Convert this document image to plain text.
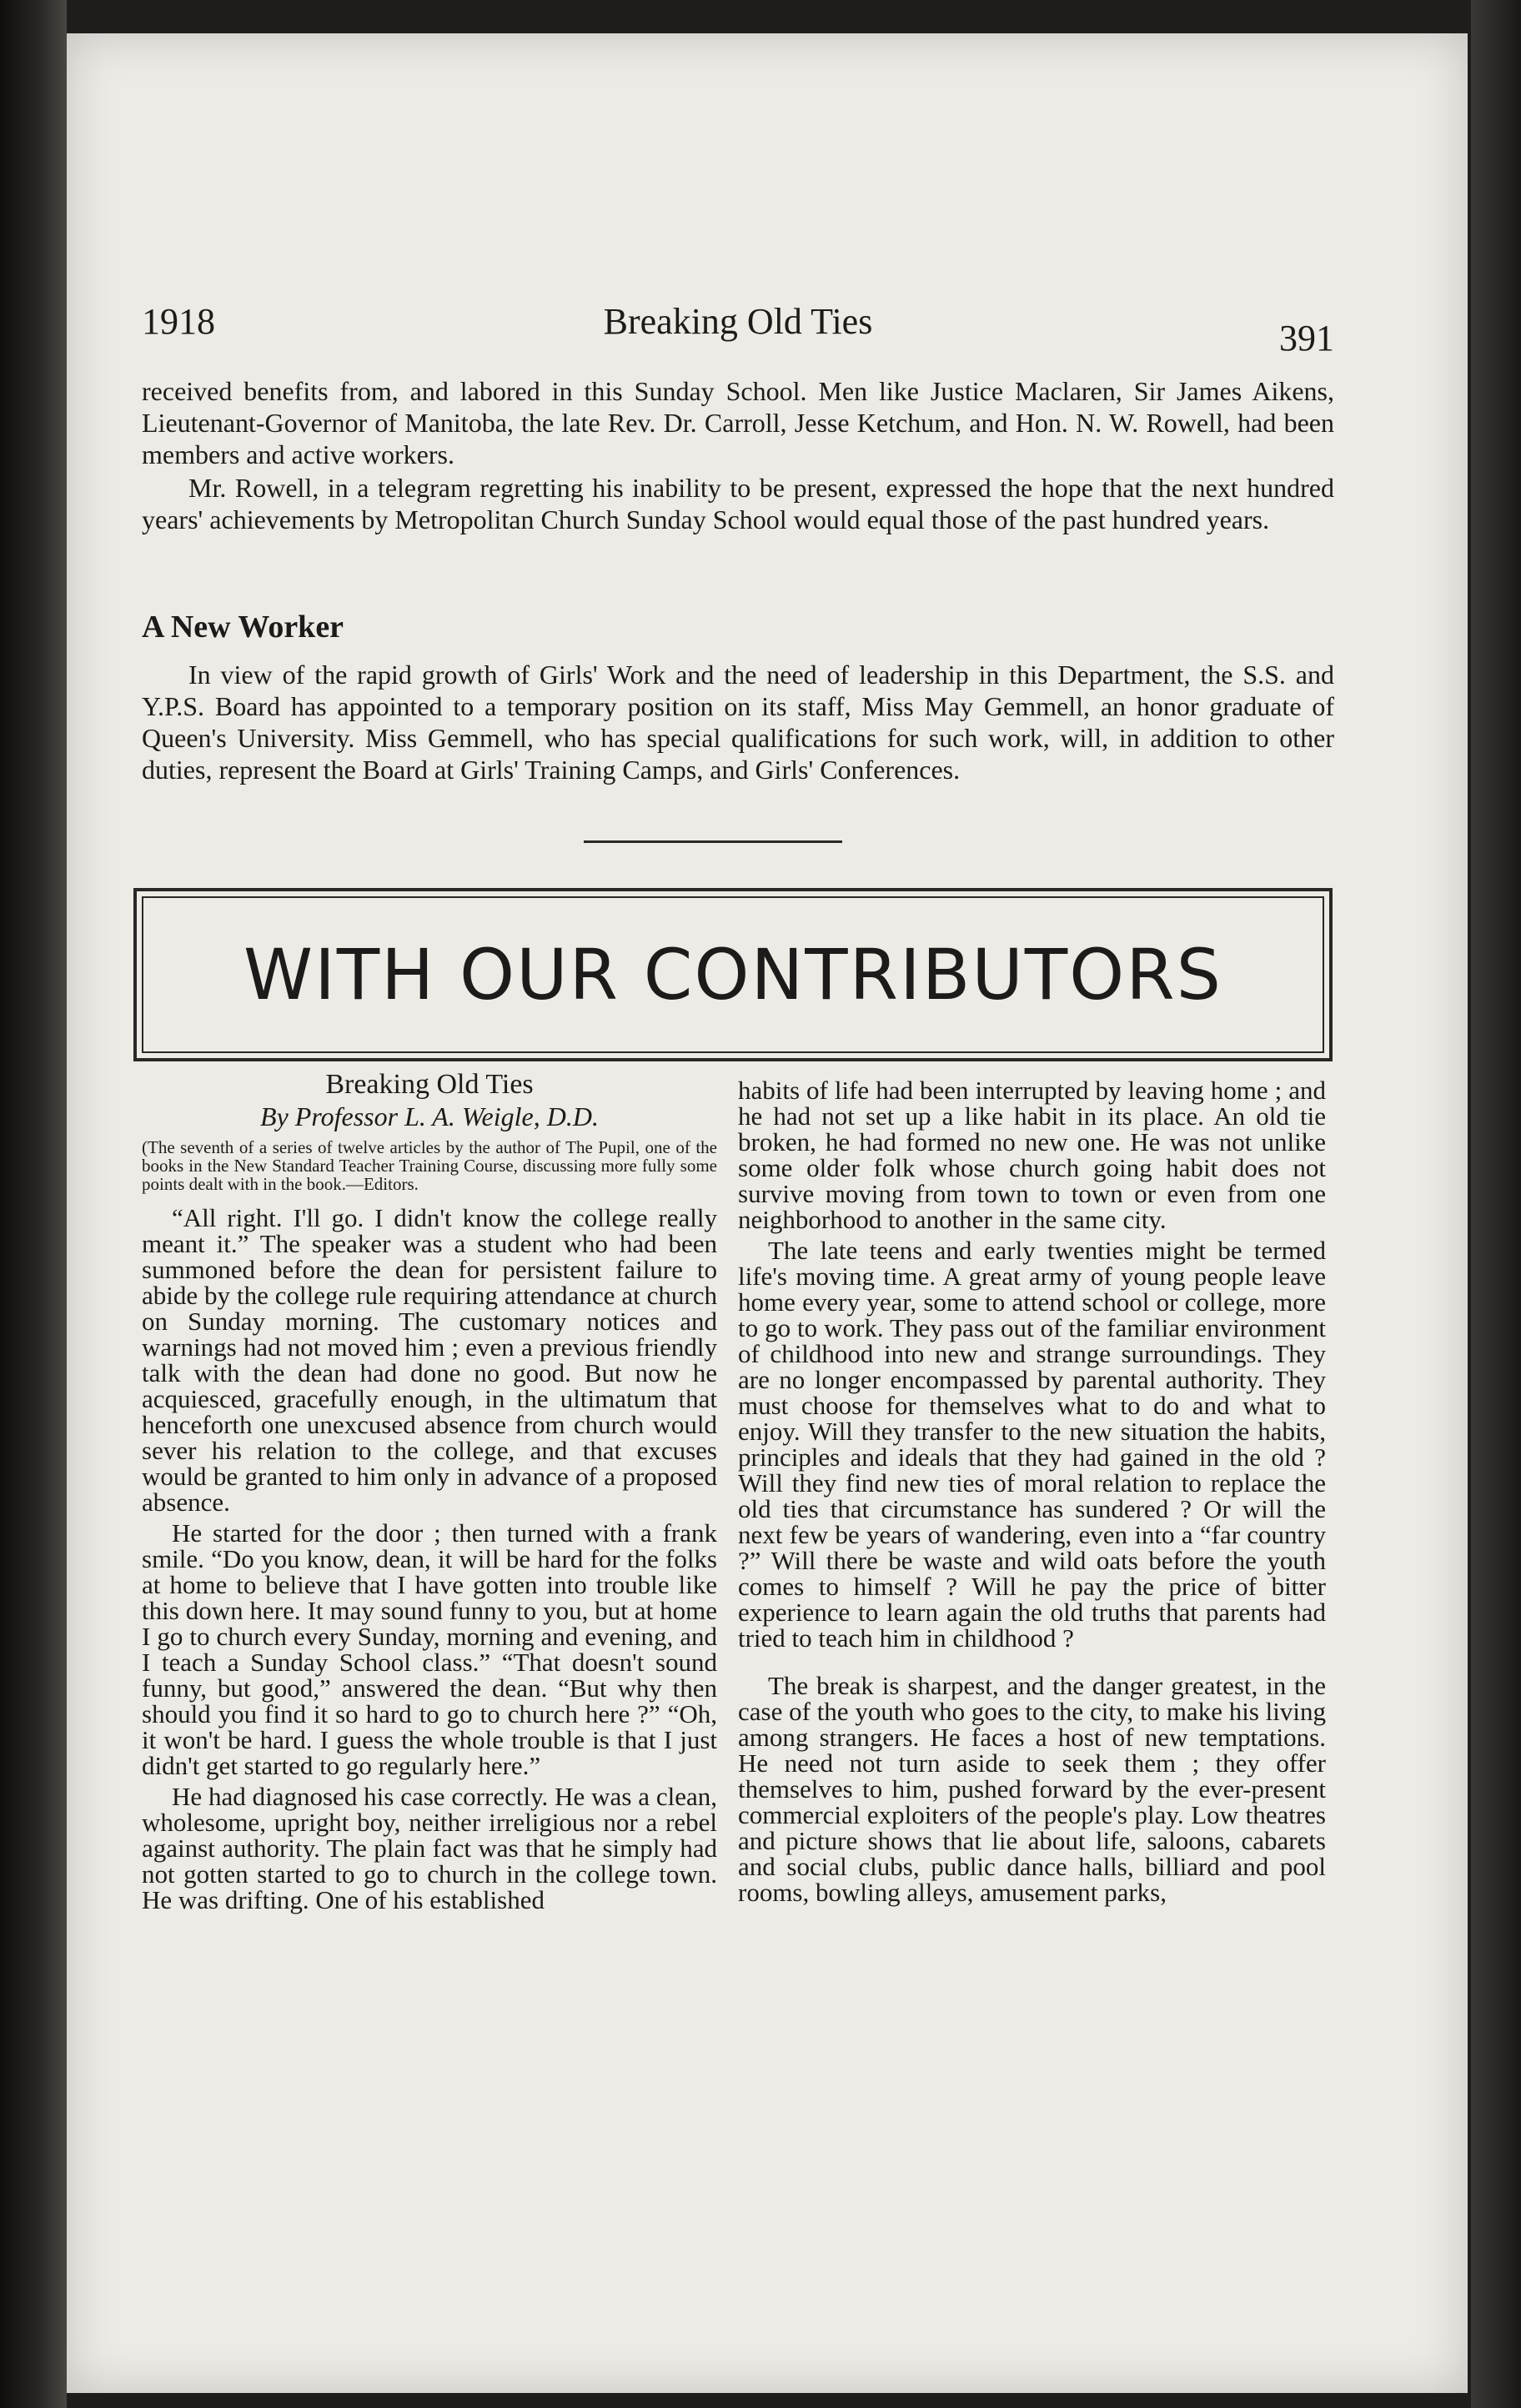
1918	Breaking Old Ties	391

received benefits from, and labored in this Sunday School. Men like Justice Maclaren, Sir James Aikens, Lieutenant-Governor of Manitoba, the late Rev. Dr. Carroll, Jesse Ketchum, and Hon. N. W. Rowell, had been members and active workers.

Mr. Rowell, in a telegram regretting his inability to be present, expressed the hope that the next hundred years' achievements by Metropolitan Church Sunday School would equal those of the past hundred years.

A New Worker

In view of the rapid growth of Girls' Work and the need of leadership in this Department, the S.S. and Y.P.S. Board has appointed to a temporary position on its staff, Miss May Gemmell, an honor graduate of Queen's University. Miss Gemmell, who has special qualifications for such work, will, in addition to other duties, represent the Board at Girls' Training Camps, and Girls' Conferences.

WITH OUR CONTRIBUTORS
Breaking Old Ties
By Professor L. A. Weigle, D.D.
(The seventh of a series of twelve articles by the author of The Pupil, one of the books in the New Standard Teacher Training Course, discussing more fully some points dealt with in the book.—Editors.

“All right. I'll go. I didn't know the college really meant it.” The speaker was a student who had been summoned before the dean for persistent failure to abide by the college rule requiring attendance at church on Sunday morning. The customary notices and warnings had not moved him ; even a previous friendly talk with the dean had done no good. But now he acquiesced, gracefully enough, in the ultimatum that henceforth one unexcused absence from church would sever his relation to the college, and that excuses would be granted to him only in advance of a proposed absence.

He started for the door ; then turned with a frank smile. “Do you know, dean, it will be hard for the folks at home to believe that I have gotten into trouble like this down here. It may sound funny to you, but at home I go to church every Sunday, morning and evening, and I teach a Sunday School class.” “That doesn't sound funny, but good,” answered the dean. “But why then should you find it so hard to go to church here ?” “Oh, it won't be hard. I guess the whole trouble is that I just didn't get started to go regularly here.”

He had diagnosed his case correctly. He was a clean, wholesome, upright boy, neither irreligious nor a rebel against authority. The plain fact was that he simply had not gotten started to go to church in the college town. He was drifting. One of his established

habits of life had been interrupted by leaving home ; and he had not set up a like habit in its place. An old tie broken, he had formed no new one. He was not unlike some older folk whose church going habit does not survive moving from town to town or even from one neighborhood to another in the same city.

The late teens and early twenties might be termed life's moving time. A great army of young people leave home every year, some to attend school or college, more to go to work. They pass out of the familiar environment of childhood into new and strange surroundings. They are no longer encompassed by parental authority. They must choose for themselves what to do and what to enjoy. Will they transfer to the new situation the habits, principles and ideals that they had gained in the old ? Will they find new ties of moral relation to replace the old ties that circumstance has sundered ? Or will the next few be years of wandering, even into a “far country ?” Will there be waste and wild oats before the youth comes to himself ? Will he pay the price of bitter experience to learn again the old truths that parents had tried to teach him in childhood ?

The break is sharpest, and the danger greatest, in the case of the youth who goes to the city, to make his living among strangers. He faces a host of new temptations. He need not turn aside to seek them ; they offer themselves to him, pushed forward by the ever-present commercial exploiters of the people's play. Low theatres and picture shows that lie about life, saloons, cabarets and social clubs, public dance halls, billiard and pool rooms, bowling alleys, amusement parks,
